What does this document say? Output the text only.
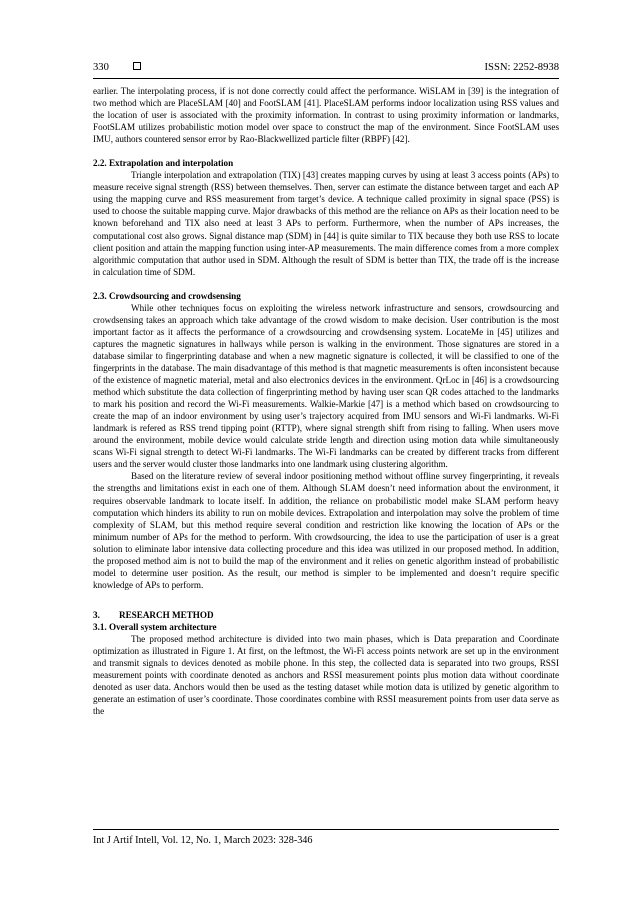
330	ISSN: 2252-8938

earlier. The interpolating process, if is not done correctly could affect the performance. WiSLAM in [39] is the integration of two method which are PlaceSLAM [40] and FootSLAM [41]. PlaceSLAM performs indoor localization using RSS values and the location of user is associated with the proximity information. In contrast to using proximity information or landmarks, FootSLAM utilizes probabilistic motion model over space to construct the map of the environment. Since FootSLAM uses IMU, authors countered sensor error by Rao-Blackwellized particle filter (RBPF) [42].

2.2. Extrapolation and interpolation

Triangle interpolation and extrapolation (TIX) [43] creates mapping curves by using at least 3 access points (APs) to measure receive signal strength (RSS) between themselves. Then, server can estimate the distance between target and each AP using the mapping curve and RSS measurement from target’s device. A technique called proximity in signal space (PSS) is used to choose the suitable mapping curve. Major drawbacks of this method are the reliance on APs as their location need to be known beforehand and TIX also need at least 3 APs to perform. Furthermore, when the number of APs increases, the computational cost also grows. Signal distance map (SDM) in [44] is quite similar to TIX because they both use RSS to locate client position and attain the mapping function using inter-AP measurements. The main difference comes from a more complex algorithmic computation that author used in SDM. Although the result of SDM is better than TIX, the trade off is the increase in calculation time of SDM.

2.3. Crowdsourcing and crowdsensing

While other techniques focus on exploiting the wireless network infrastructure and sensors, crowdsourcing and crowdsensing takes an approach which take advantage of the crowd wisdom to make decision. User contribution is the most important factor as it affects the performance of a crowdsourcing and crowdsensing system. LocateMe in [45] utilizes and captures the magnetic signatures in hallways while person is walking in the environment. Those signatures are stored in a database similar to fingerprinting database and when a new magnetic signature is collected, it will be classified to one of the fingerprints in the database. The main disadvantage of this method is that magnetic measurements is often inconsistent because of the existence of magnetic material, metal and also electronics devices in the environment. QrLoc in [46] is a crowdsourcing method which substitute the data collection of fingerprinting method by having user scan QR codes attached to the landmarks to mark his position and record the Wi-Fi measurements. Walkie-Markie [47] is a method which based on crowdsourcing to create the map of an indoor environment by using user’s trajectory acquired from IMU sensors and Wi-Fi landmarks. Wi-Fi landmark is refered as RSS trend tipping point (RTTP), where signal strength shift from rising to falling. When users move around the environment, mobile device would calculate stride length and direction using motion data while simultaneously scans Wi-Fi signal strength to detect Wi-Fi landmarks. The Wi-Fi landmarks can be created by different tracks from different users and the server would cluster those landmarks into one landmark using clustering algorithm.

Based on the literature review of several indoor positioning method without offline survey fingerprinting, it reveals the strengths and limitations exist in each one of them. Although SLAM doesn’t need information about the environment, it requires observable landmark to locate itself. In addition, the reliance on probabilistic model make SLAM perform heavy computation which hinders its ability to run on mobile devices. Extrapolation and interpolation may solve the problem of time complexity of SLAM, but this method require several condition and restriction like knowing the location of APs or the minimum number of APs for the method to perform. With crowdsourcing, the idea to use the participation of user is a great solution to eliminate labor intensive data collecting procedure and this idea was utilized in our proposed method. In addition, the proposed method aim is not to build the map of the environment and it relies on genetic algorithm instead of probabilistic model to determine user position. As the result, our method is simpler to be implemented and doesn’t require specific knowledge of APs to perform.

3. RESEARCH METHOD

3.1. Overall system architecture

The proposed method architecture is divided into two main phases, which is Data preparation and Coordinate optimization as illustrated in Figure 1. At first, on the leftmost, the Wi-Fi access points network are set up in the environment and transmit signals to devices denoted as mobile phone. In this step, the collected data is separated into two groups, RSSI measurement points with coordinate denoted as anchors and RSSI measurement points plus motion data without coordinate denoted as user data. Anchors would then be used as the testing dataset while motion data is utilized by genetic algorithm to generate an estimation of user’s coordinate. Those coordinates combine with RSSI measurement points from user data serve as the

Int J Artif Intell, Vol. 12, No. 1, March 2023: 328-346
